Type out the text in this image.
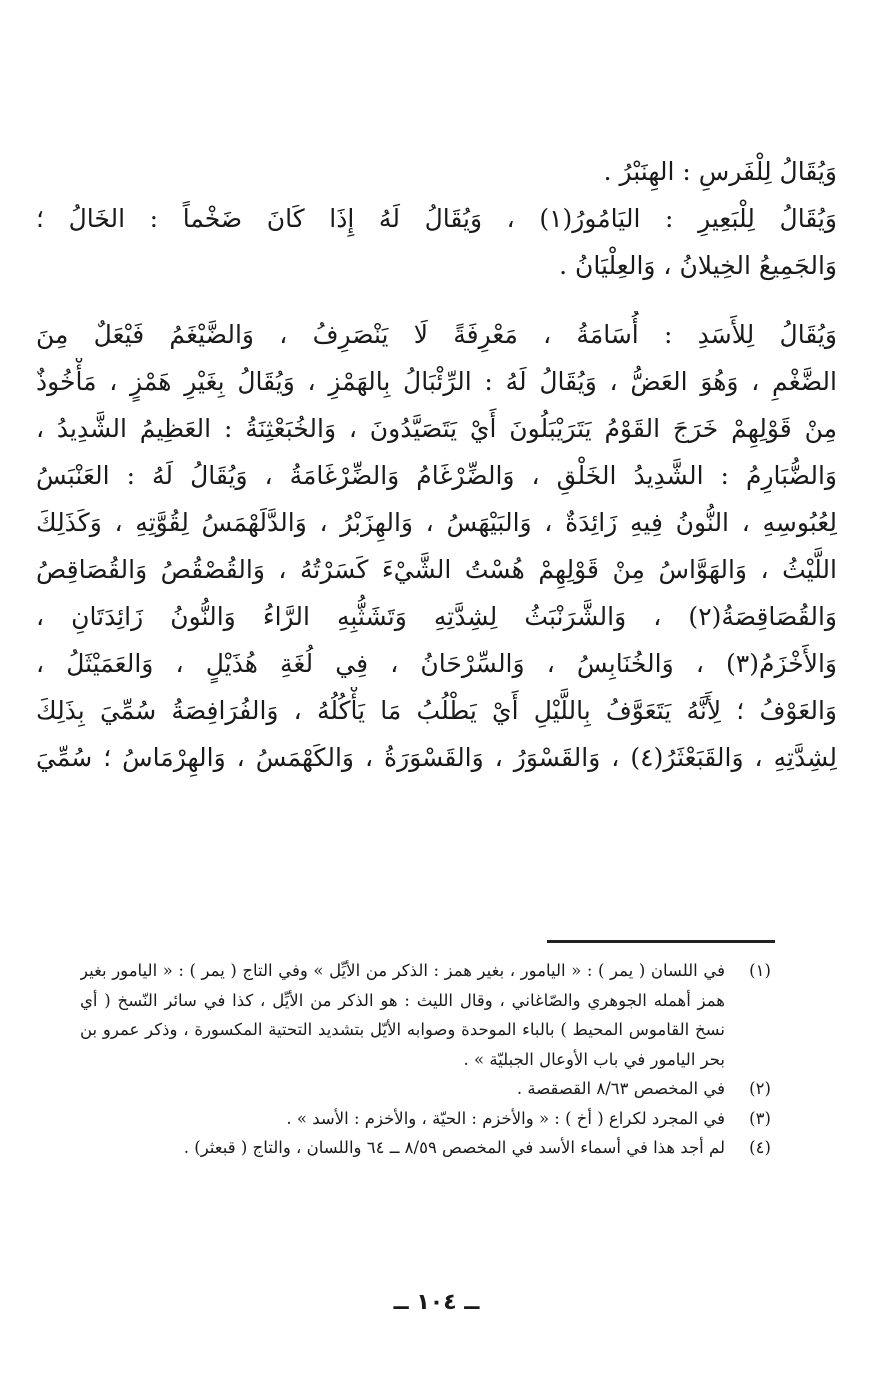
وَيُقَالُ لِلْفَرسِ : الهِنَبْرُ .
وَيُقَالُ لِلْبَعِيرِ : اليَامُورُ(١) ، وَيُقَالُ لَهُ إِذَا كَانَ ضَخْماً : الخَالُ ؛
وَالجَمِيعُ الخِيلانُ ، وَالعِلْيَانُ .
وَيُقَالُ لِلأَسَدِ : أُسَامَةُ ، مَعْرِفَةً لَا يَنْصَرِفُ ، وَالضَّيْغَمُ فَيْعَلٌ مِنَ
الضَّغْمِ ، وَهُوَ العَضُّ ، وَيُقَالُ لَهُ : الرِّئْبَالُ بِالهَمْزِ ، وَيُقَالُ بِغَيْرِ هَمْزٍ ، مَأْخُوذٌ
مِنْ قَوْلِهِمْ خَرَجَ القَوْمُ يَتَرَيْبَلُونَ أَيْ يَتَصَيَّدُونَ ، وَالخُبَعْثِنَةُ : العَظِيمُ الشَّدِيدُ ،
وَالضُّبَارِمُ : الشَّدِيدُ الخَلْقِ ، وَالضِّرْغَامُ وَالضِّرْغَامَةُ ، وَيُقَالُ لَهُ : العَنْبَسُ
لِعُبُوسِهِ ، النُّونُ فِيهِ زَائِدَةٌ ، وَالبَيْهَسُ ، وَالهِزَبْرُ ، وَالدَّلَهْمَسُ لِقُوَّتِهِ ، وَكَذَلِكَ
اللَّيْثُ ، وَالهَوَّاسُ مِنْ قَوْلِهِمْ هُسْتُ الشَّيْءَ كَسَرْتُهُ ، وَالقُصْقُصُ وَالقُصَاقِصُ
وَالقُصَاقِصَةُ(٢) ، وَالشَّرَنْبَثُ لِشِدَّتِهِ وَتَشَثُّبِهِ الرَّاءُ وَالنُّونُ زَائِدَتَانِ ،
وَالأَخْزَمُ(٣) ، وَالخُنَابِسُ ، وَالسِّرْحَانُ ، فِي لُغَةِ هُذَيْلٍ ، وَالعَمَيْثَلُ ،
وَالعَوْفُ ؛ لِأَنَّهُ يَتَعَوَّفُ بِاللَّيْلِ أَيْ يَطْلُبُ مَا يَأْكُلُهُ ، وَالفُرَافِصَةُ سُمِّيَ بِذَلِكَ
لِشِدَّتِهِ ، وَالقَبَعْثَرُ(٤) ، وَالقَسْوَرُ ، وَالقَسْوَرَةُ ، وَالكَهْمَسُ ، وَالهِرْمَاسُ ؛ سُمِّيَ
(١)
في اللسان ( يمر ) : « اليامور ، بغير همز : الذكر من الأيِّل » وفي التاج ( يمر ) : « اليامور بغير
همز أهمله الجوهري والصّاغاني ، وقال الليث : هو الذكر من الأيِّل ، كذا في سائر النّسخ ( أي
نسخ القاموس المحيط ) بالباء الموحدة وصوابه الأيّل بتشديد التحتية المكسورة ، وذكر عمرو بن
بحر اليامور في باب الأوعال الجبليّة » .
(٢)
في المخصص ٨/٦٣ القصقصة .
(٣)
في المجرد لكراع ( أخ ) : « والأخزم : الحيّة ، والأخزم : الأسد » .
(٤)
لم أجد هذا في أسماء الأسد في المخصص ٨/٥٩ ــ ٦٤ واللسان ، والتاج ( قبعثر) .
ــ ١٠٤ ــ
